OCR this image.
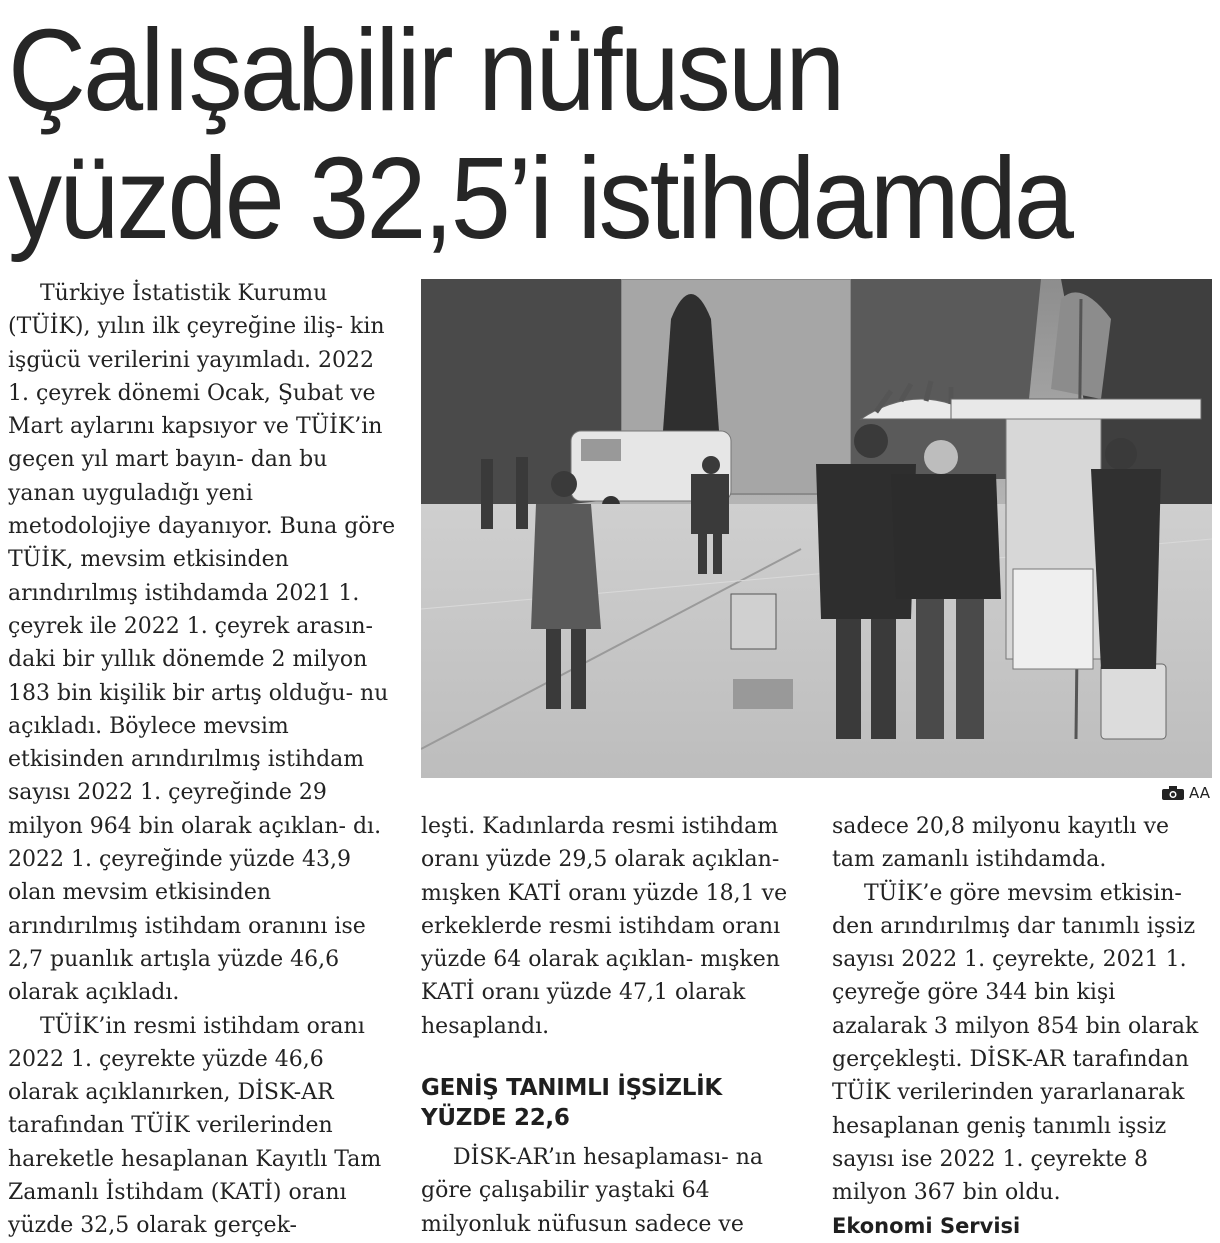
Çalışabilir nüfusun
yüzde 32,5’i istihdamda

Türkiye İstatistik Kurumu (TÜİK), yılın ilk çeyreğine iliş- kin işgücü verilerini yayımladı. 2022 1. çeyrek dönemi Ocak, Şubat ve Mart aylarını kapsıyor ve TÜİK’in geçen yıl mart bayın- dan bu yanan uyguladığı yeni metodolojiye dayanıyor. Buna göre TÜİK, mevsim etkisinden arındırılmış istihdamda 2021 1. çeyrek ile 2022 1. çeyrek arasın- daki bir yıllık dönemde 2 milyon 183 bin kişilik bir artış olduğu- nu açıkladı. Böylece mevsim etkisinden arındırılmış istihdam sayısı 2022 1. çeyreğinde 29 milyon 964 bin olarak açıklan- dı. 2022 1. çeyreğinde yüzde 43,9 olan mevsim etkisinden arındırılmış istihdam oranını ise 2,7 puanlık artışla yüzde 46,6 olarak açıkladı.

TÜİK’in resmi istihdam oranı 2022 1. çeyrekte yüzde 46,6 olarak açıklanırken, DİSK-AR tarafından TÜİK verilerinden hareketle hesaplanan Kayıtlı Tam Zamanlı İstihdam (KATİ) oranı yüzde 32,5 olarak gerçek-

AA

leşti. Kadınlarda resmi istihdam oranı yüzde 29,5 olarak açıklan- mışken KATİ oranı yüzde 18,1 ve erkeklerde resmi istihdam oranı yüzde 64 olarak açıklan- mışken KATİ oranı yüzde 47,1 olarak hesaplandı.

GENİŞ TANIMLI İŞSİZLİK
YÜZDE 22,6

DİSK-AR’ın hesaplaması- na göre çalışabilir yaştaki 64 milyonluk nüfusun sadece ve

sadece 20,8 milyonu kayıtlı ve tam zamanlı istihdamda.

TÜİK’e göre mevsim etkisin- den arındırılmış dar tanımlı işsiz sayısı 2022 1. çeyrekte, 2021 1. çeyreğe göre 344 bin kişi azalarak 3 milyon 854 bin olarak gerçekleşti. DİSK-AR tarafından TÜİK verilerinden yararlanarak hesaplanan geniş tanımlı işsiz sayısı ise 2022 1. çeyrekte 8 milyon 367 bin oldu.

Ekonomi Servisi
